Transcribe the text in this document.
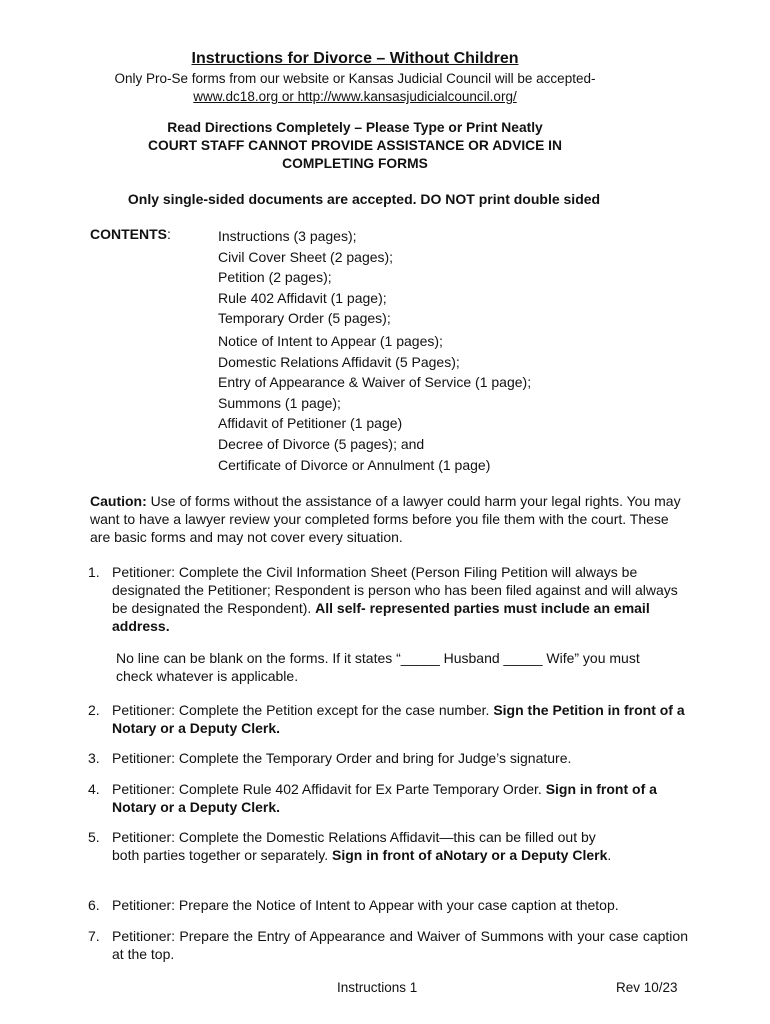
Instructions for Divorce – Without Children
Only Pro-Se forms from our website or Kansas Judicial Council will be accepted-
www.dc18.org or http://www.kansasjudicialcouncil.org/
Read Directions Completely – Please Type or Print Neatly
COURT STAFF CANNOT PROVIDE ASSISTANCE OR ADVICE IN
COMPLETING FORMS
Only single-sided documents are accepted. DO NOT print double sided
CONTENTS:	Instructions (3 pages);
Civil Cover Sheet (2 pages);
Petition (2 pages);
Rule 402 Affidavit (1 page);
Temporary Order (5 pages);
Notice of Intent to Appear (1 pages);
Domestic Relations Affidavit (5 Pages);
Entry of Appearance & Waiver of Service (1 page);
Summons (1 page);
Affidavit of Petitioner (1 page)
Decree of Divorce (5 pages); and
Certificate of Divorce or Annulment (1 page)
Caution: Use of forms without the assistance of a lawyer could harm your legal rights. You may want to have a lawyer review your completed forms before you file them with the court. These are basic forms and may not cover every situation.
1. Petitioner: Complete the Civil Information Sheet (Person Filing Petition will always be designated the Petitioner; Respondent is person who has been filed against and will always be designated the Respondent). All self- represented parties must include an email address.
No line can be blank on the forms. If it states “_____ Husband _____ Wife” you must check whatever is applicable.
2. Petitioner: Complete the Petition except for the case number. Sign the Petition in front of a Notary or a Deputy Clerk.
3. Petitioner: Complete the Temporary Order and bring for Judge’s signature.
4. Petitioner: Complete Rule 402 Affidavit for Ex Parte Temporary Order. Sign in front of a Notary or a Deputy Clerk.
5. Petitioner: Complete the Domestic Relations Affidavit—this can be filled out by both parties together or separately. Sign in front of aNotary or a Deputy Clerk.
6. Petitioner: Prepare the Notice of Intent to Appear with your case caption at thetop.
7. Petitioner: Prepare the Entry of Appearance and Waiver of Summons with your case caption at the top.
Instructions 1	Rev 10/23
